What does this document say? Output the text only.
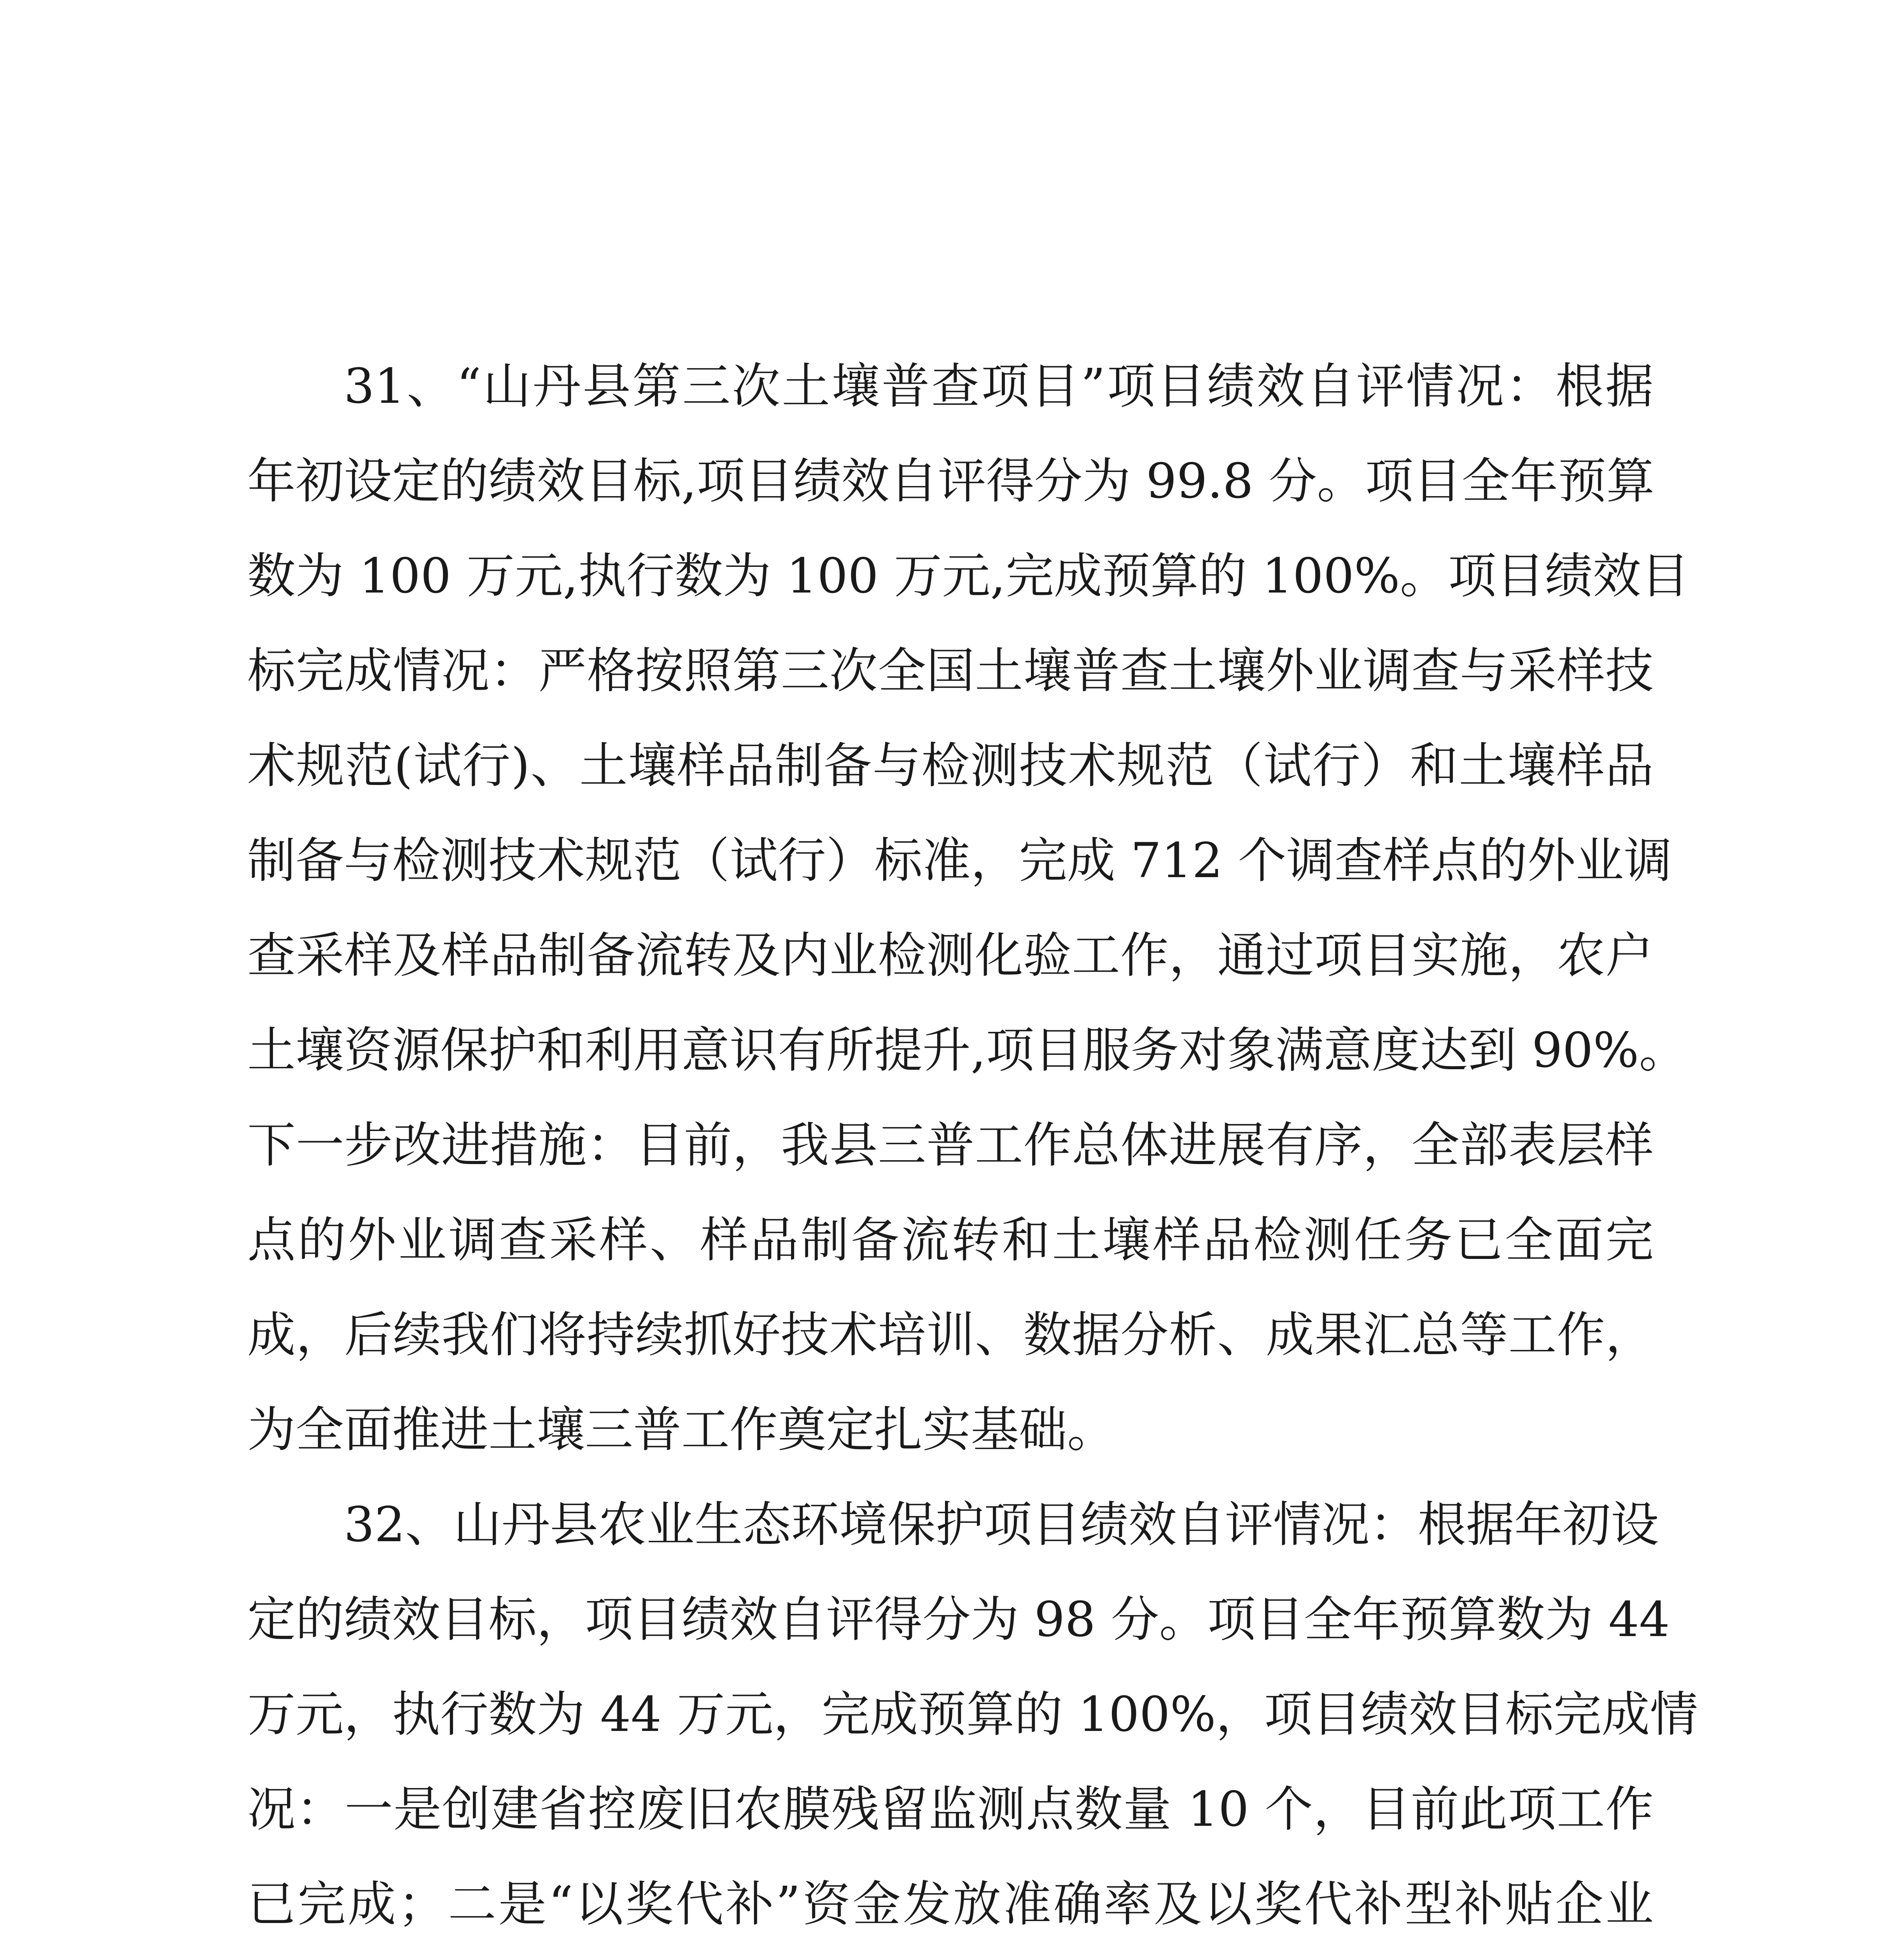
31、“山丹县第三次土壤普查项目”项目绩效自评情况：根据
年初设定的绩效目标,项目绩效自评得分为 99.8 分。项目全年预算
数为 100 万元,执行数为 100 万元,完成预算的 100%。项目绩效目
标完成情况：严格按照第三次全国土壤普查土壤外业调查与采样技
术规范(试行)、土壤样品制备与检测技术规范（试行）和土壤样品
制备与检测技术规范（试行）标准，完成 712 个调查样点的外业调
查采样及样品制备流转及内业检测化验工作，通过项目实施，农户
土壤资源保护和利用意识有所提升,项目服务对象满意度达到 90%。
下一步改进措施：目前，我县三普工作总体进展有序，全部表层样
点的外业调查采样、样品制备流转和土壤样品检测任务已全面完
成，后续我们将持续抓好技术培训、数据分析、成果汇总等工作，
为全面推进土壤三普工作奠定扎实基础。
32、山丹县农业生态环境保护项目绩效自评情况：根据年初设
定的绩效目标，项目绩效自评得分为 98 分。项目全年预算数为 44
万元，执行数为 44 万元，完成预算的 100%，项目绩效目标完成情
况：一是创建省控废旧农膜残留监测点数量 10 个，目前此项工作
已完成；二是“以奖代补”资金发放准确率及以奖代补型补贴企业
